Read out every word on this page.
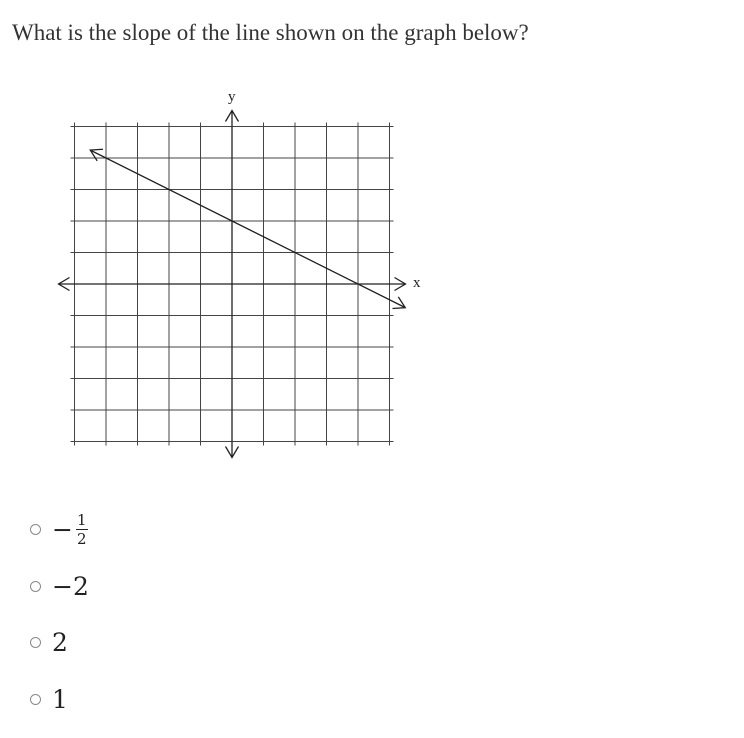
What is the slope of the line shown on the graph below?
x
y
− $\frac{1}{2}$
−2
2
1
